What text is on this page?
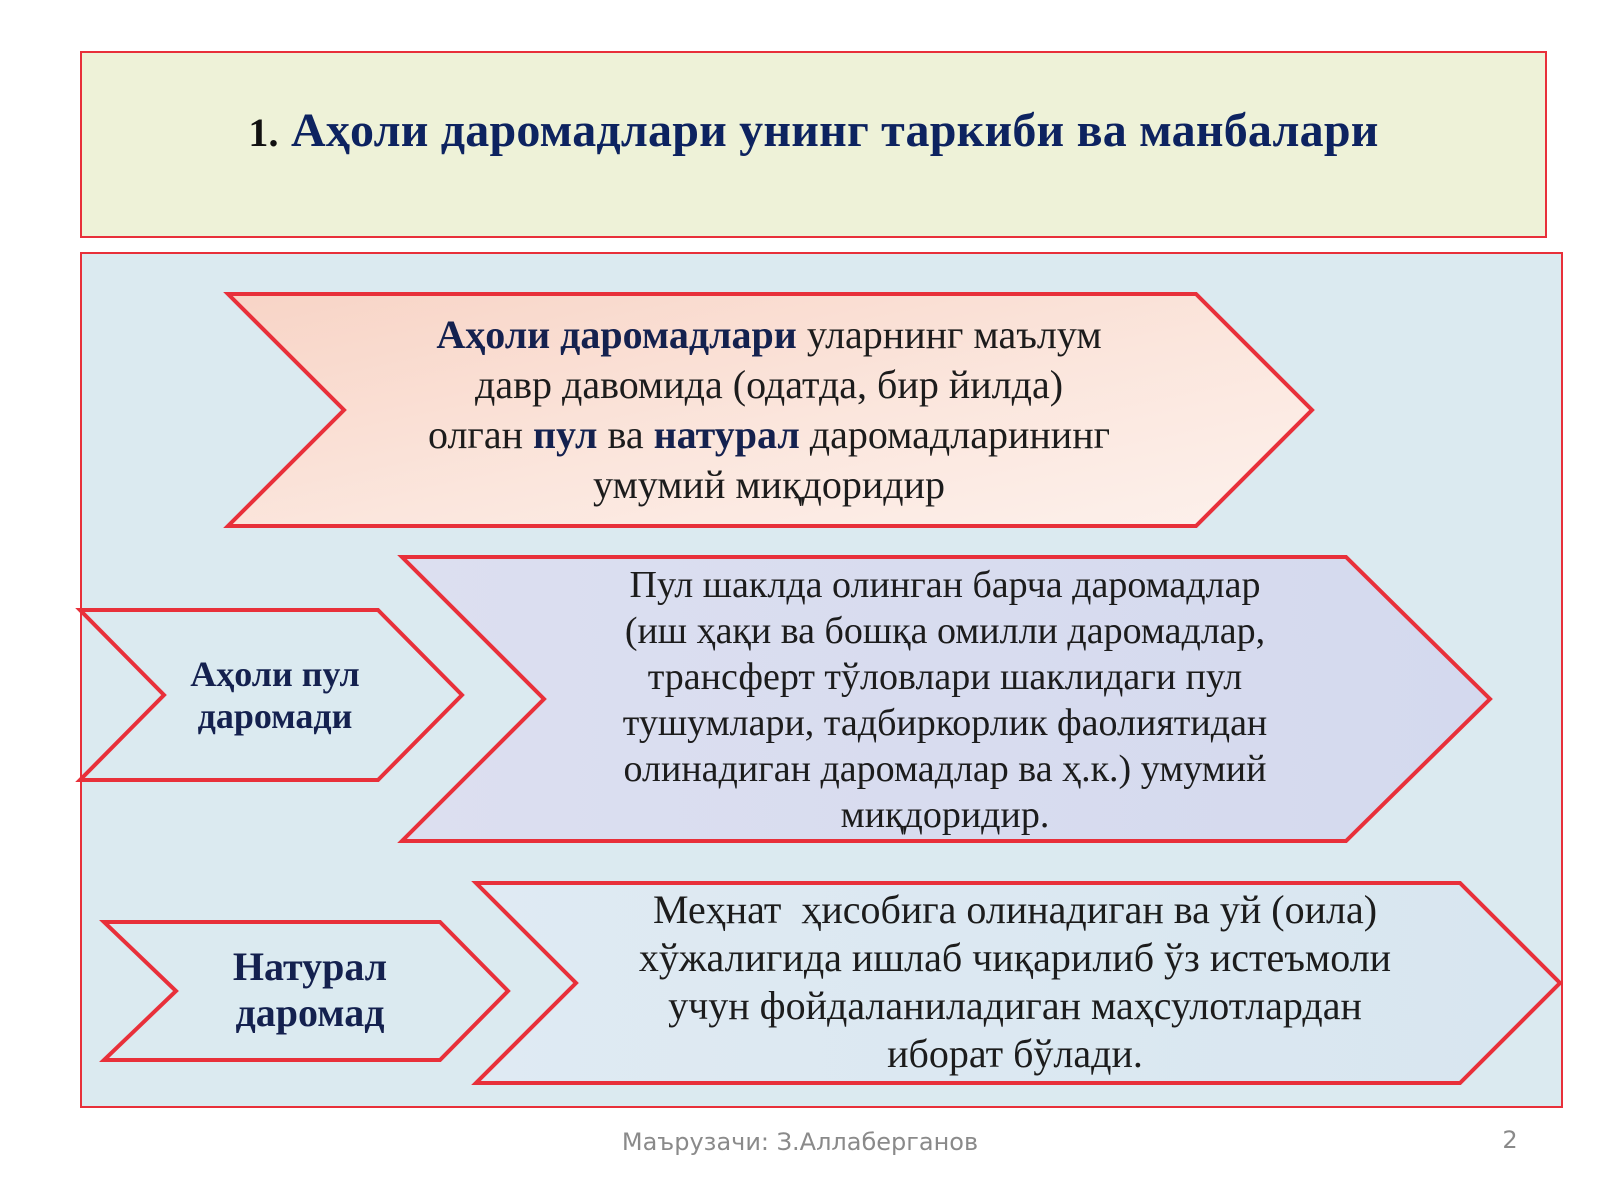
1. Аҳоли даромадлари унинг таркиби ва манбалари
Аҳоли даромадлари уларнинг маълум
давр давомида (одатда, бир йилда)
олган пул ва натурал даромадларининг
умумий миқдоридир
Аҳоли пул
даромади
Пул шаклда олинган барча даромадлар
(иш ҳақи ва бошқа омилли даромадлар,
трансферт тўловлари шаклидаги пул
тушумлари, тадбиркорлик фаолиятидан
олинадиган даромадлар ва ҳ.к.) умумий
миқдоридир.
Натурал
даромад
Меҳнат  ҳисобига олинадиган ва уй (оила)
хўжалигида ишлаб чиқарилиб ўз истеъмоли
учун фойдаланиладиган маҳсулотлардан
иборат бўлади.
Маърузачи: З.Аллаберганов	2
